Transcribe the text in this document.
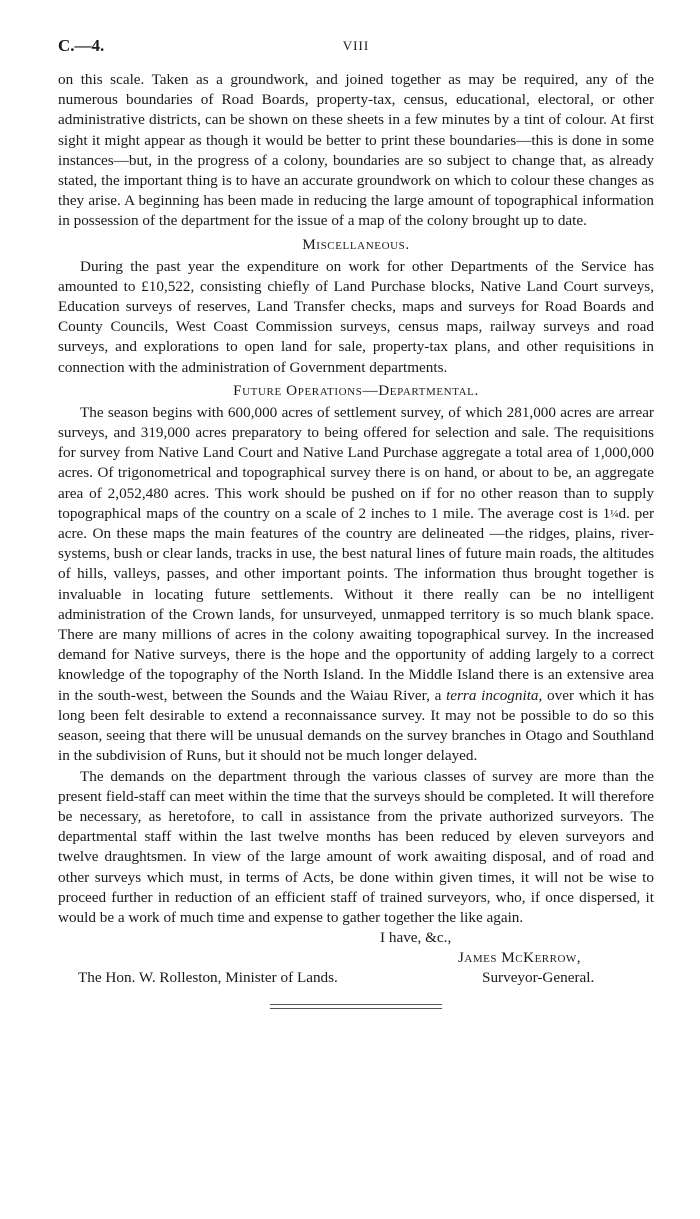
C.—4.	VIII

on this scale. Taken as a groundwork, and joined together as may be required, any of the numerous boundaries of Road Boards, property-tax, census, educational, electoral, or other administrative districts, can be shown on these sheets in a few minutes by a tint of colour. At first sight it might appear as though it would be better to print these boundaries—this is done in some instances—but, in the progress of a colony, boundaries are so subject to change that, as already stated, the important thing is to have an accurate groundwork on which to colour these changes as they arise. A beginning has been made in reducing the large amount of topographical information in possession of the department for the issue of a map of the colony brought up to date.

Miscellaneous.

During the past year the expenditure on work for other Departments of the Service has amounted to £10,522, consisting chiefly of Land Purchase blocks, Native Land Court surveys, Education surveys of reserves, Land Transfer checks, maps and surveys for Road Boards and County Councils, West Coast Commission surveys, census maps, railway surveys and road surveys, and explorations to open land for sale, property-tax plans, and other requisitions in connection with the administration of Government departments.

Future Operations—Departmental.

The season begins with 600,000 acres of settlement survey, of which 281,000 acres are arrear surveys, and 319,000 acres preparatory to being offered for selection and sale. The requisitions for survey from Native Land Court and Native Land Purchase aggregate a total area of 1,000,000 acres. Of trigonometrical and topographical survey there is on hand, or about to be, an aggregate area of 2,052,480 acres. This work should be pushed on if for no other reason than to supply topographical maps of the country on a scale of 2 inches to 1 mile. The average cost is 1¼d. per acre. On these maps the main features of the country are delineated —the ridges, plains, river-systems, bush or clear lands, tracks in use, the best natural lines of future main roads, the altitudes of hills, valleys, passes, and other important points. The information thus brought together is invaluable in locating future settlements. Without it there really can be no intelligent administration of the Crown lands, for unsurveyed, unmapped territory is so much blank space. There are many millions of acres in the colony awaiting topographical survey. In the increased demand for Native surveys, there is the hope and the opportunity of adding largely to a correct knowledge of the topography of the North Island. In the Middle Island there is an extensive area in the south-west, between the Sounds and the Waiau River, a terra incognita, over which it has long been felt desirable to extend a reconnaissance survey. It may not be possible to do so this season, seeing that there will be unusual demands on the survey branches in Otago and Southland in the subdivision of Runs, but it should not be much longer delayed.

The demands on the department through the various classes of survey are more than the present field-staff can meet within the time that the surveys should be completed. It will therefore be necessary, as heretofore, to call in assistance from the private authorized surveyors. The departmental staff within the last twelve months has been reduced by eleven surveyors and twelve draughtsmen. In view of the large amount of work awaiting disposal, and of road and other surveys which must, in terms of Acts, be done within given times, it will not be wise to proceed further in reduction of an efficient staff of trained surveyors, who, if once dispersed, it would be a work of much time and expense to gather together the like again.

I have, &c.,
James McKerrow,
The Hon. W. Rolleston, Minister of Lands.	Surveyor-General.
